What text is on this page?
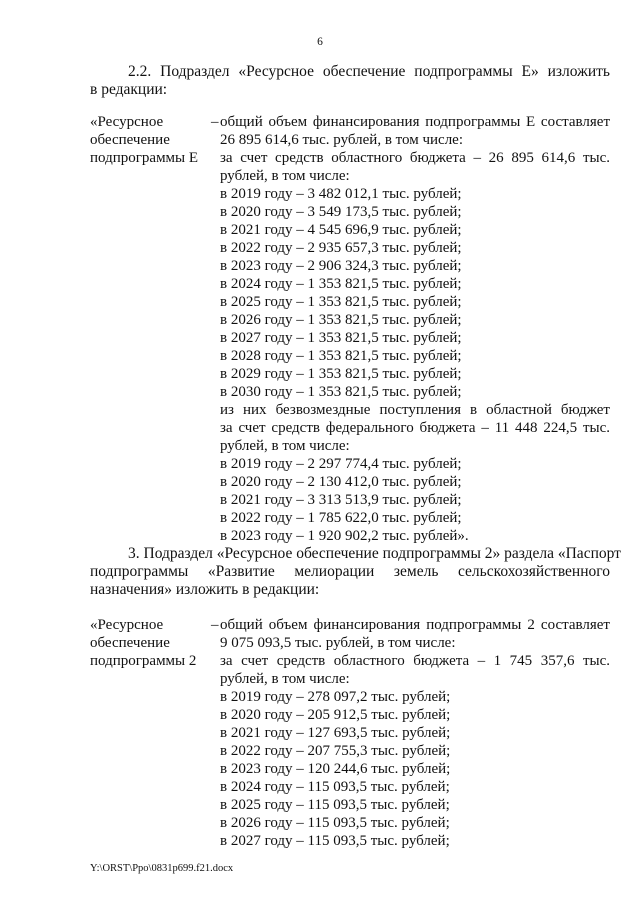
6
2.2. Подраздел «Ресурсное обеспечение подпрограммы Е» изложить
в редакции:
«Ресурсное
обеспечение
подпрограммы Е
– общий объем финансирования подпрограммы Е составляет
26 895 614,6 тыс. рублей, в том числе:
за счет средств областного бюджета – 26 895 614,6 тыс.
рублей, в том числе:
в 2019 году – 3 482 012,1 тыс. рублей;
в 2020 году – 3 549 173,5 тыс. рублей;
в 2021 году – 4 545 696,9 тыс. рублей;
в 2022 году – 2 935 657,3 тыс. рублей;
в 2023 году – 2 906 324,3 тыс. рублей;
в 2024 году – 1 353 821,5 тыс. рублей;
в 2025 году – 1 353 821,5 тыс. рублей;
в 2026 году – 1 353 821,5 тыс. рублей;
в 2027 году – 1 353 821,5 тыс. рублей;
в 2028 году – 1 353 821,5 тыс. рублей;
в 2029 году – 1 353 821,5 тыс. рублей;
в 2030 году – 1 353 821,5 тыс. рублей;
из них безвозмездные поступления в областной бюджет
за счет средств федерального бюджета – 11 448 224,5 тыс.
рублей, в том числе:
в 2019 году – 2 297 774,4 тыс. рублей;
в 2020 году – 2 130 412,0 тыс. рублей;
в 2021 году – 3 313 513,9 тыс. рублей;
в 2022 году – 1 785 622,0 тыс. рублей;
в 2023 году – 1 920 902,2 тыс. рублей».
3. Подраздел «Ресурсное обеспечение подпрограммы 2» раздела «Паспорт
подпрограммы «Развитие мелиорации земель сельскохозяйственного
назначения» изложить в редакции:
«Ресурсное
обеспечение
подпрограммы 2
– общий объем финансирования подпрограммы 2 составляет
9 075 093,5 тыс. рублей, в том числе:
за счет средств областного бюджета – 1 745 357,6 тыс.
рублей, в том числе:
в 2019 году – 278 097,2 тыс. рублей;
в 2020 году – 205 912,5 тыс. рублей;
в 2021 году – 127 693,5 тыс. рублей;
в 2022 году – 207 755,3 тыс. рублей;
в 2023 году – 120 244,6 тыс. рублей;
в 2024 году – 115 093,5 тыс. рублей;
в 2025 году – 115 093,5 тыс. рублей;
в 2026 году – 115 093,5 тыс. рублей;
в 2027 году – 115 093,5 тыс. рублей;
Y:\ORST\Ppo\0831p699.f21.docx
